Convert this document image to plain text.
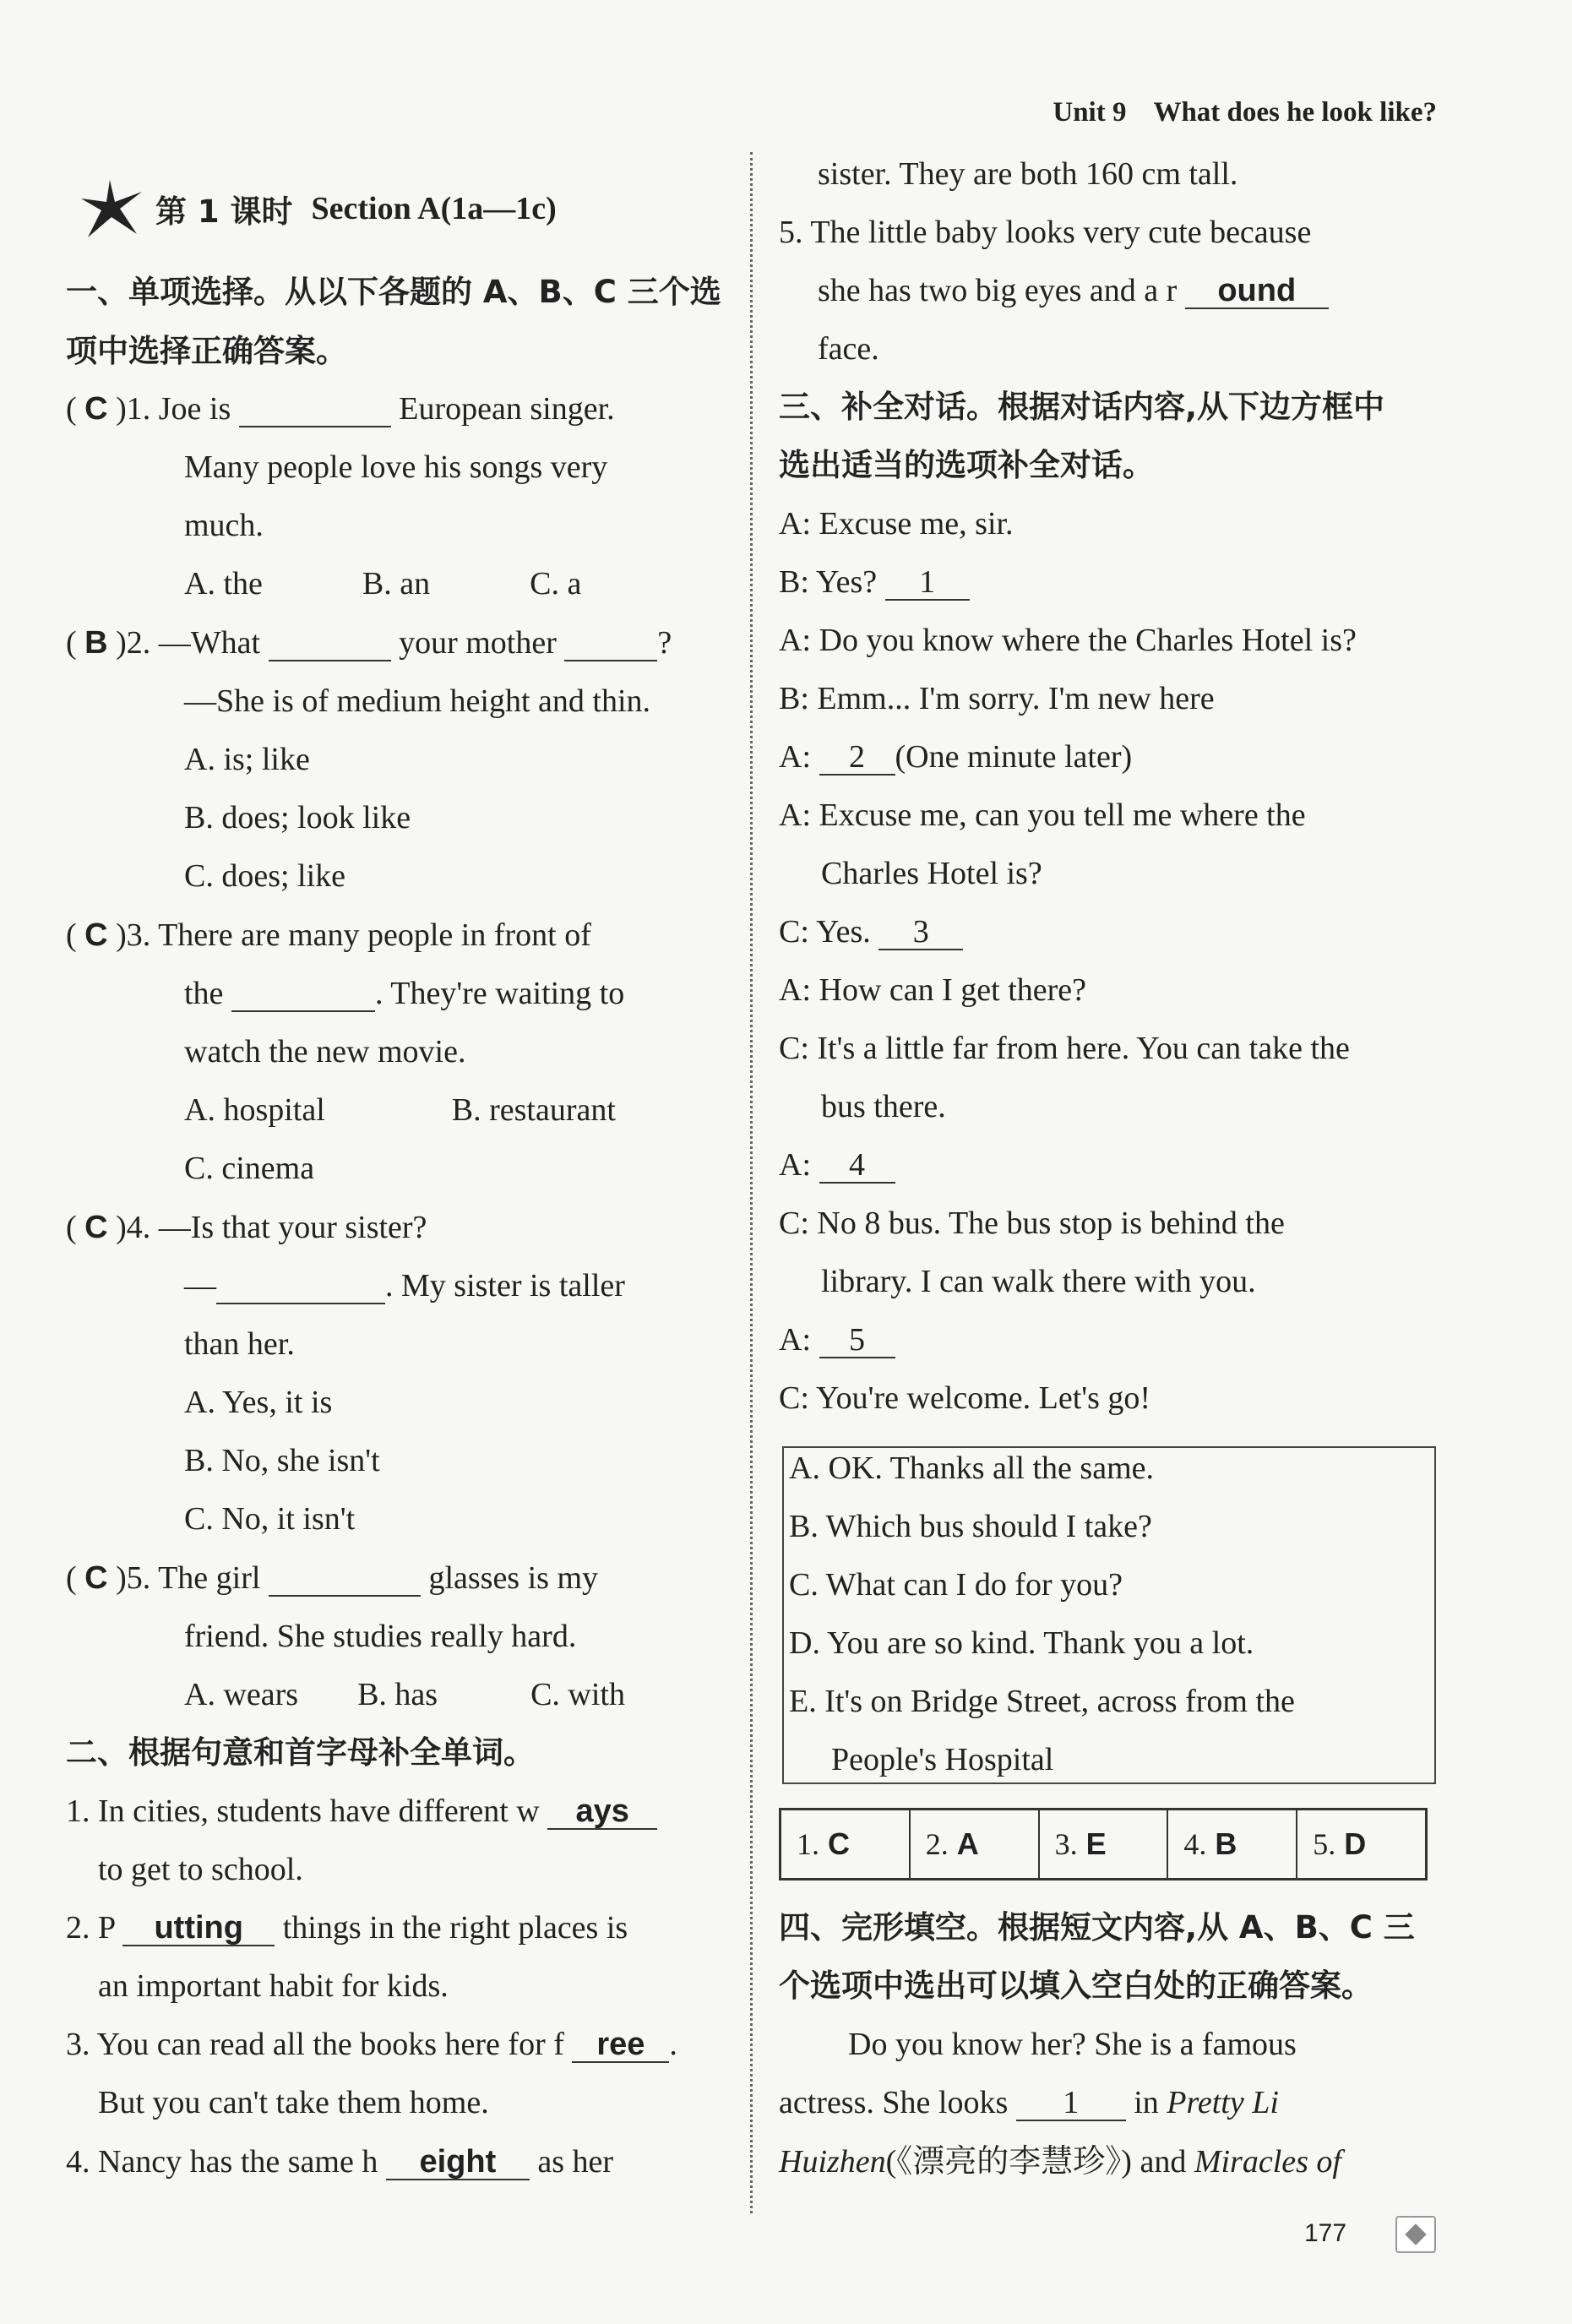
Unit 9 What does he look like?
第 1 课时 Section A(1a—1c)
一、单项选择。从以下各题的 A、B、C 三个选
项中选择正确答案。
( C )1. Joe is	European singer.
Many people love his songs very
much.
A. the	B. an	C. a
( B )2. —What	your mother	?
—She is of medium height and thin.
A. is; like
B. does; look like
C. does; like
( C )3. There are many people in front of
the	. They're waiting to
watch the new movie.
A. hospital	B. restaurant
C. cinema
( C )4. —Is that your sister?
—	. My sister is taller
than her.
A. Yes, it is
B. No, she isn't
C. No, it isn't
( C )5. The girl	glasses is my
friend. She studies really hard.
A. wears B. has	C. with
二、根据句意和首字母补全单词。
1. In cities, students have different w ays
to get to school.
2. P utting things in the right places is
an important habit for kids.
3. You can read all the books here for f ree .
But you can't take them home.
4. Nancy has the same h eight as her
sister. They are both 160 cm tall.
5. The little baby looks very cute because
she has two big eyes and a r ound
face.
三、补全对话。根据对话内容,从下边方框中
选出适当的选项补全对话。
A: Excuse me, sir.
B: Yes? 1
A: Do you know where the Charles Hotel is?
B: Emm... I'm sorry. I'm new here
A: 2 (One minute later)
A: Excuse me, can you tell me where the
Charles Hotel is?
C: Yes. 3
A: How can I get there?
C: It's a little far from here. You can take the
bus there.
A: 4
C: No 8 bus. The bus stop is behind the
library. I can walk there with you.
A: 5
C: You're welcome. Let's go!
A. OK. Thanks all the same.
B. Which bus should I take?
C. What can I do for you?
D. You are so kind. Thank you a lot.
E. It's on Bridge Street, across from the
People's Hospital
1. C 2. A 3. E	4. B 5. D
四、完形填空。根据短文内容,从 A、B、C 三
个选项中选出可以填入空白处的正确答案。
Do you know her? She is a famous
actress. She looks 1 in Pretty Li
Huizhen(《漂亮的李慧珍》) and Miracles of
177
